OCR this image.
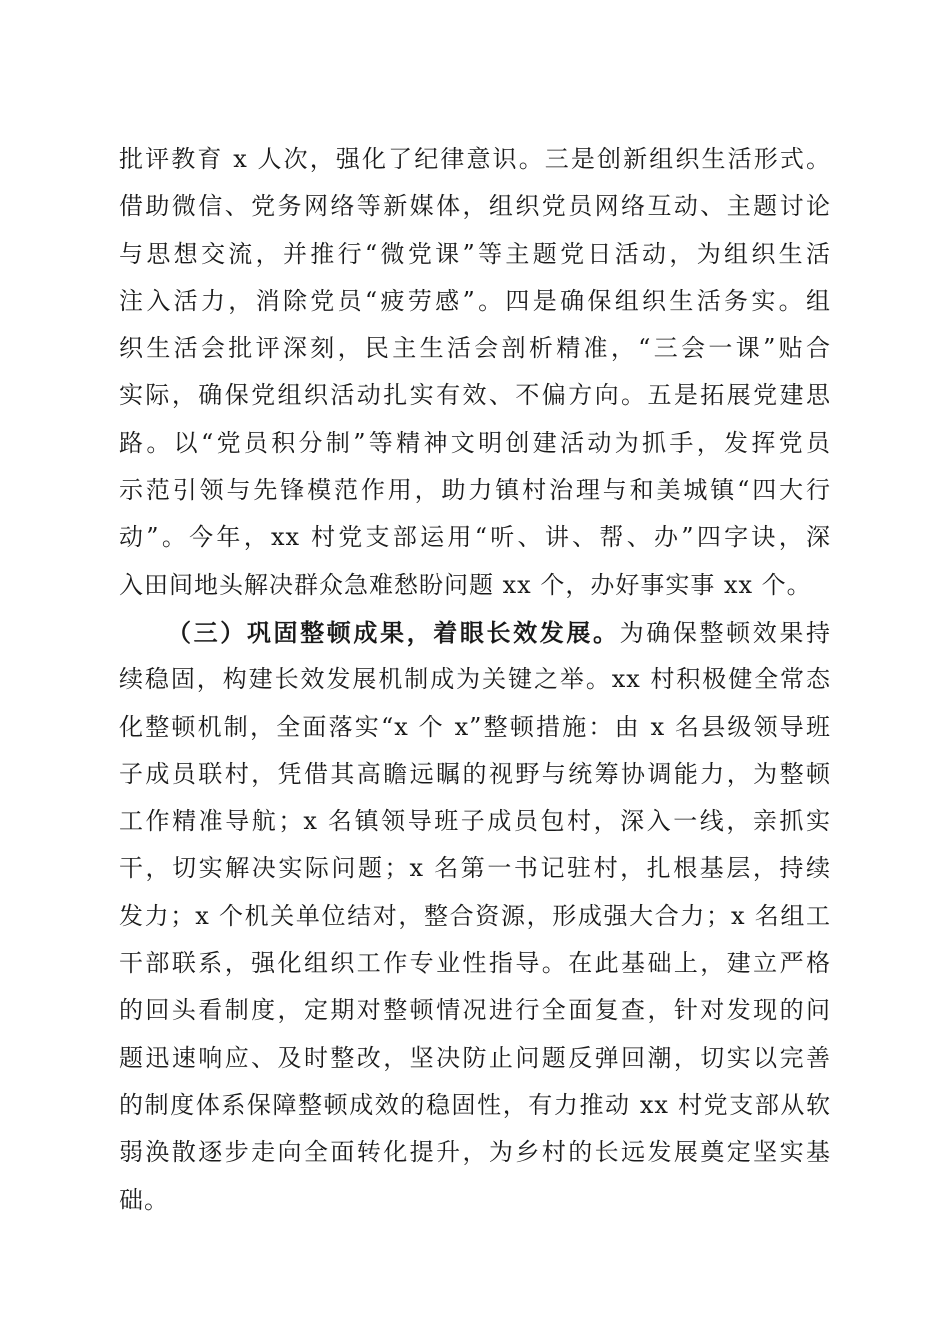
批评教育 x 人次，强化了纪律意识。三是创新组织生活形式。
借助微信、党务网络等新媒体，组织党员网络互动、主题讨论
与思想交流，并推行“微党课”等主题党日活动，为组织生活
注入活力，消除党员“疲劳感”。四是确保组织生活务实。组
织生活会批评深刻，民主生活会剖析精准，“三会一课”贴合
实际，确保党组织活动扎实有效、不偏方向。五是拓展党建思
路。以“党员积分制”等精神文明创建活动为抓手，发挥党员
示范引领与先锋模范作用，助力镇村治理与和美城镇“四大行
动”。今年，xx 村党支部运用“听、讲、帮、办”四字诀，深
入田间地头解决群众急难愁盼问题 xx 个，办好事实事 xx 个。
（三）巩固整顿成果，着眼长效发展。为确保整顿效果持
续稳固，构建长效发展机制成为关键之举。xx 村积极健全常态
化整顿机制，全面落实“x 个 x”整顿措施：由 x 名县级领导班
子成员联村，凭借其高瞻远瞩的视野与统筹协调能力，为整顿
工作精准导航；x 名镇领导班子成员包村，深入一线，亲抓实
干，切实解决实际问题；x 名第一书记驻村，扎根基层，持续
发力；x 个机关单位结对，整合资源，形成强大合力；x 名组工
干部联系，强化组织工作专业性指导。在此基础上，建立严格
的回头看制度，定期对整顿情况进行全面复查，针对发现的问
题迅速响应、及时整改，坚决防止问题反弹回潮，切实以完善
的制度体系保障整顿成效的稳固性，有力推动 xx 村党支部从软
弱涣散逐步走向全面转化提升，为乡村的长远发展奠定坚实基
础。
